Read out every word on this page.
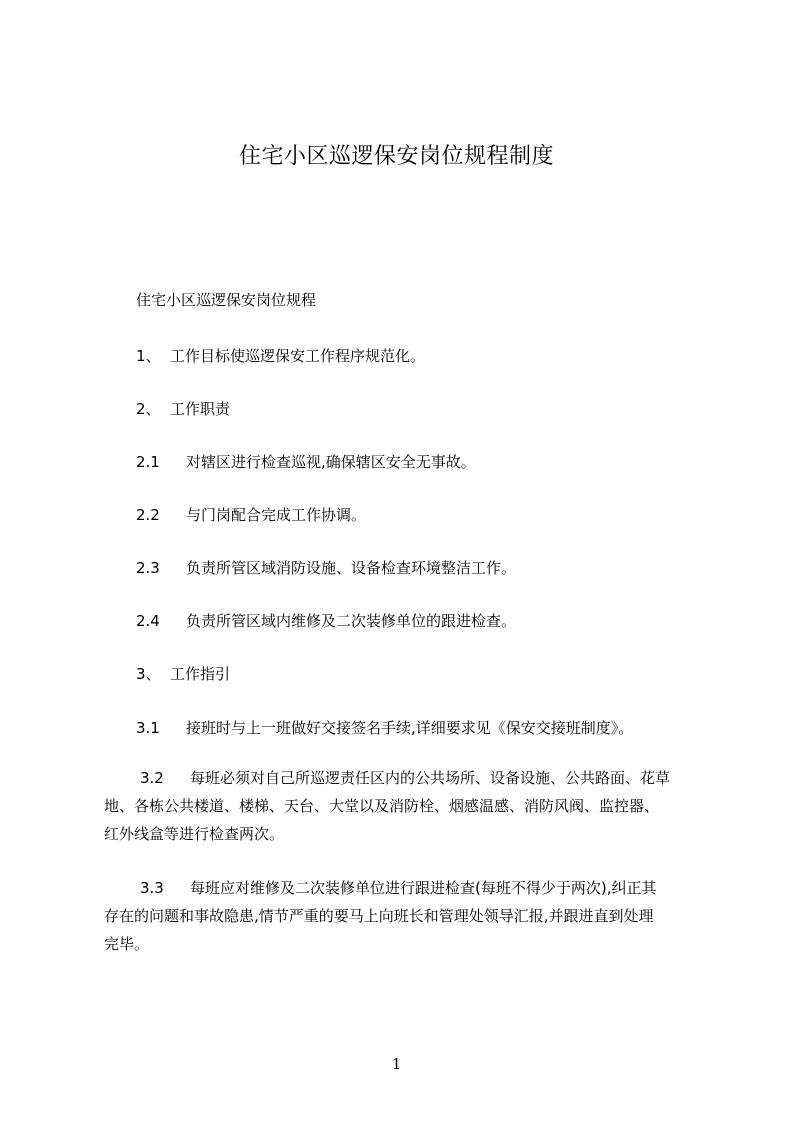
住宅小区巡逻保安岗位规程制度
住宅小区巡逻保安岗位规程
1、 工作目标使巡逻保安工作程序规范化。
2、 工作职责
2.1 对辖区进行检查巡视,确保辖区安全无事故。
2.2 与门岗配合完成工作协调。
2.3 负责所管区域消防设施、设备检查环境整洁工作。
2.4 负责所管区域内维修及二次装修单位的跟进检查。
3、 工作指引
3.1 接班时与上一班做好交接签名手续,详细要求见《保安交接班制度》。
3.2 每班必须对自己所巡逻责任区内的公共场所、设备设施、公共路面、花草
地、各栋公共楼道、楼梯、天台、大堂以及消防栓、烟感温感、消防风阀、监控器、
红外线盒等进行检查两次。
3.3 每班应对维修及二次装修单位进行跟进检查(每班不得少于两次),纠正其
存在的问题和事故隐患,情节严重的要马上向班长和管理处领导汇报,并跟进直到处理
完毕。
1
